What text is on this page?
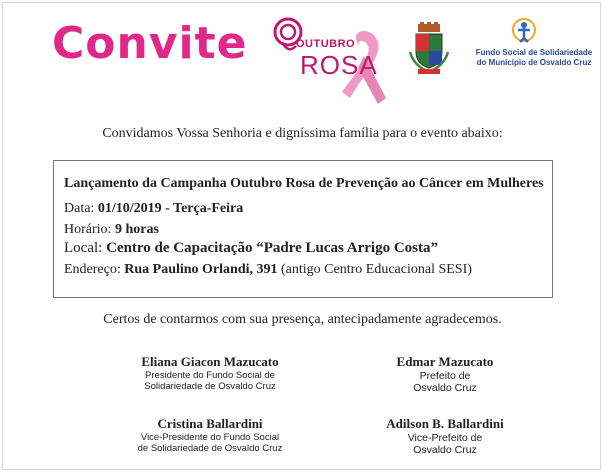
Convite	OUTUBRO
ROSA	Fundo Social de Solidariedade
do Município de Osvaldo Cruz
Convidamos Vossa Senhoria e digníssima família para o evento abaixo:
Lançamento da Campanha Outubro Rosa de Prevenção ao Câncer em Mulheres
Data: 01/10/2019 - Terça-Feira
Horário: 9 horas
Local: Centro de Capacitação “Padre Lucas Arrigo Costa”
Endereço: Rua Paulino Orlandi, 391 (antigo Centro Educacional SESI)
Certos de contarmos com sua presença, antecipadamente agradecemos.
Eliana Giacon Mazucato
Presidente do Fundo Social de
Solidariedade de Osvaldo Cruz
Edmar Mazucato
Prefeito de
Osvaldo Cruz
Cristina Ballardini
Vice-Presidente do Fundo Social
de Solidariedade de Osvaldo Cruz
Adilson B. Ballardini
Vice-Prefeito de
Osvaldo Cruz
